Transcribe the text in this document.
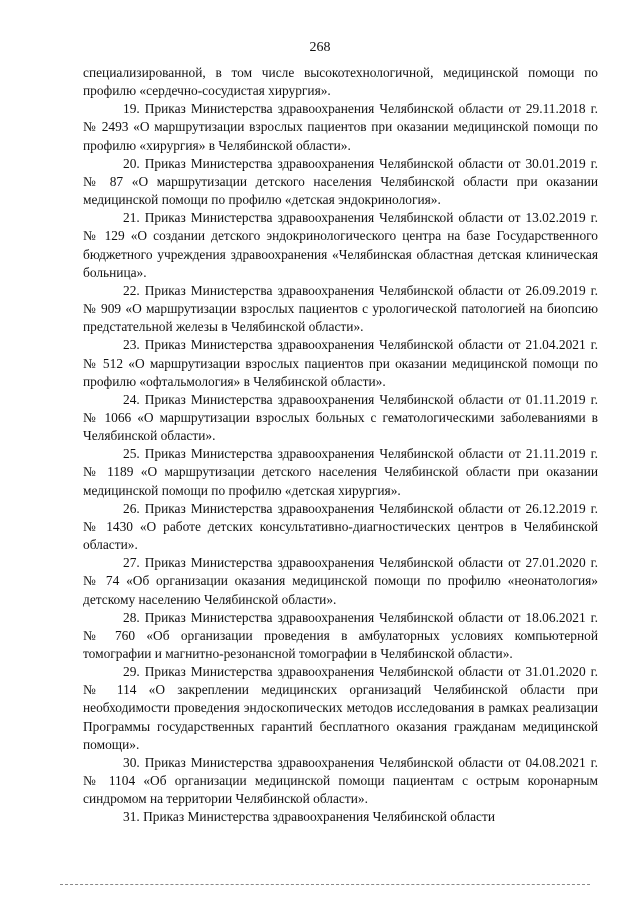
268

специализированной, в том числе высокотехнологичной, медицинской помощи по профилю «сердечно-сосудистая хирургия».

19. Приказ Министерства здравоохранения Челябинской области от 29.11.2018 г. № 2493 «О маршрутизации взрослых пациентов при оказании медицинской помощи по профилю «хирургия» в Челябинской области».

20. Приказ Министерства здравоохранения Челябинской области от 30.01.2019 г. № 87 «О маршрутизации детского населения Челябинской области при оказании медицинской помощи по профилю «детская эндокринология».

21. Приказ Министерства здравоохранения Челябинской области от 13.02.2019 г. № 129 «О создании детского эндокринологического центра на базе Государственного бюджетного учреждения здравоохранения «Челябинская областная детская клиническая больница».

22. Приказ Министерства здравоохранения Челябинской области от 26.09.2019 г. № 909 «О маршрутизации взрослых пациентов с урологической патологией на биопсию предстательной железы в Челябинской области».

23. Приказ Министерства здравоохранения Челябинской области от 21.04.2021 г. № 512 «О маршрутизации взрослых пациентов при оказании медицинской помощи по профилю «офтальмология» в Челябинской области».

24. Приказ Министерства здравоохранения Челябинской области от 01.11.2019 г. № 1066 «О маршрутизации взрослых больных с гематологическими заболеваниями в Челябинской области».

25. Приказ Министерства здравоохранения Челябинской области от 21.11.2019 г. № 1189 «О маршрутизации детского населения Челябинской области при оказании медицинской помощи по профилю «детская хирургия».

26. Приказ Министерства здравоохранения Челябинской области от 26.12.2019 г. № 1430 «О работе детских консультативно-диагностических центров в Челябинской области».

27. Приказ Министерства здравоохранения Челябинской области от 27.01.2020 г. № 74 «Об организации оказания медицинской помощи по профилю «неонатология» детскому населению Челябинской области».

28. Приказ Министерства здравоохранения Челябинской области от 18.06.2021 г. № 760 «Об организации проведения в амбулаторных условиях компьютерной томографии и магнитно-резонансной томографии в Челябинской области».

29. Приказ Министерства здравоохранения Челябинской области от 31.01.2020 г. № 114 «О закреплении медицинских организаций Челябинской области при необходимости проведения эндоскопических методов исследования в рамках реализации Программы государственных гарантий бесплатного оказания гражданам медицинской помощи».

30. Приказ Министерства здравоохранения Челябинской области от 04.08.2021 г. № 1104 «Об организации медицинской помощи пациентам с острым коронарным синдромом на территории Челябинской области».

31. Приказ Министерства здравоохранения Челябинской области
